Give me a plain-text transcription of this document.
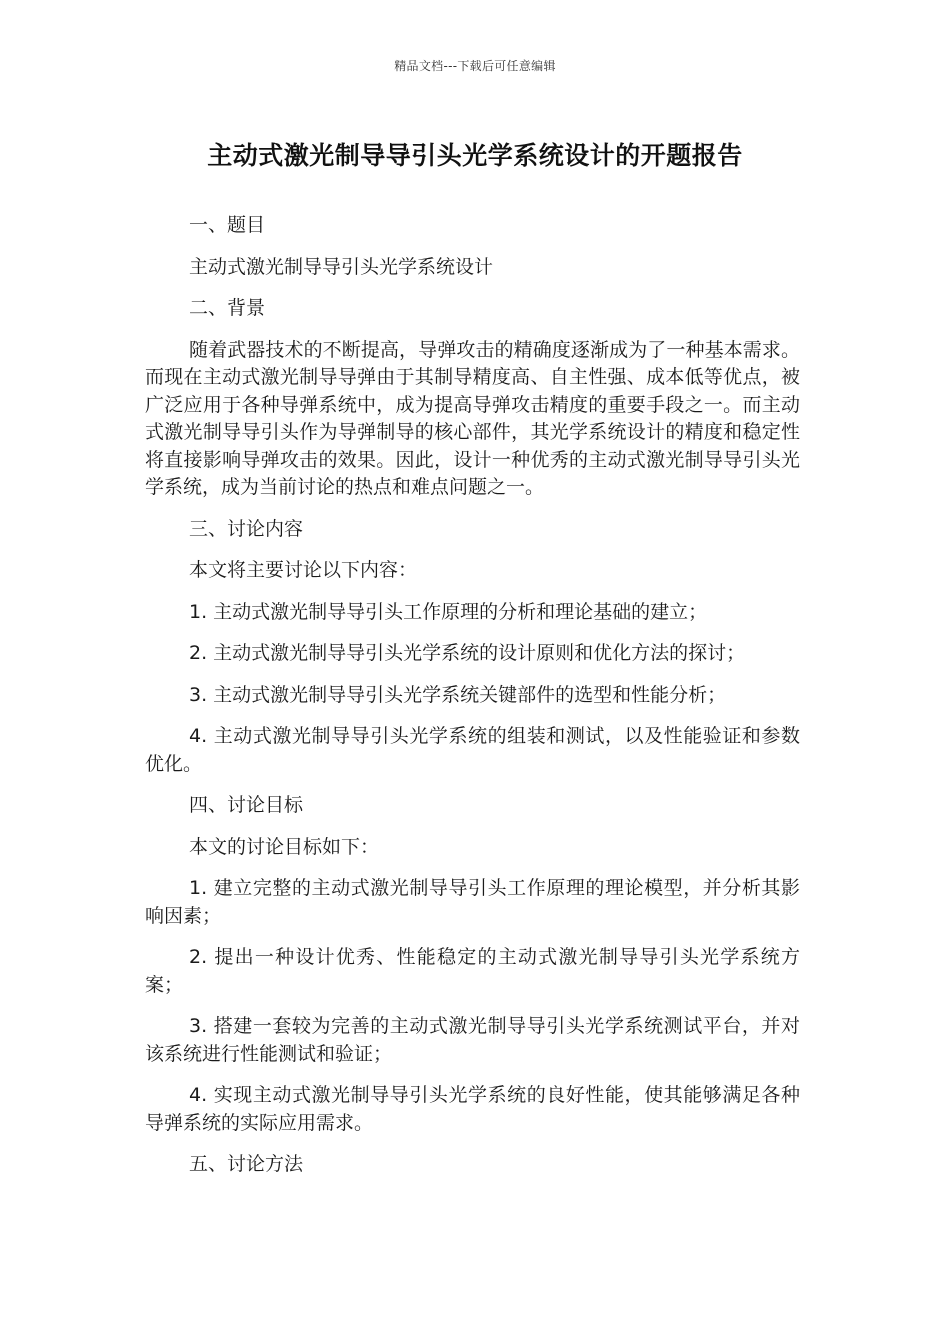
精品文档---下载后可任意编辑
主动式激光制导导引头光学系统设计的开题报告

一、题目

主动式激光制导导引头光学系统设计

二、背景

随着武器技术的不断提高，导弹攻击的精确度逐渐成为了一种基本需求。而现在主动式激光制导导弹由于其制导精度高、自主性强、成本低等优点，被广泛应用于各种导弹系统中，成为提高导弹攻击精度的重要手段之一。而主动式激光制导导引头作为导弹制导的核心部件，其光学系统设计的精度和稳定性将直接影响导弹攻击的效果。因此，设计一种优秀的主动式激光制导导引头光学系统，成为当前讨论的热点和难点问题之一。

三、讨论内容

本文将主要讨论以下内容：

1. 主动式激光制导导引头工作原理的分析和理论基础的建立；

2. 主动式激光制导导引头光学系统的设计原则和优化方法的探讨；

3. 主动式激光制导导引头光学系统关键部件的选型和性能分析；

4. 主动式激光制导导引头光学系统的组装和测试，以及性能验证和参数优化。

四、讨论目标

本文的讨论目标如下：

1. 建立完整的主动式激光制导导引头工作原理的理论模型，并分析其影响因素；

2. 提出一种设计优秀、性能稳定的主动式激光制导导引头光学系统方案；

3. 搭建一套较为完善的主动式激光制导导引头光学系统测试平台，并对该系统进行性能测试和验证；

4. 实现主动式激光制导导引头光学系统的良好性能，使其能够满足各种导弹系统的实际应用需求。

五、讨论方法
